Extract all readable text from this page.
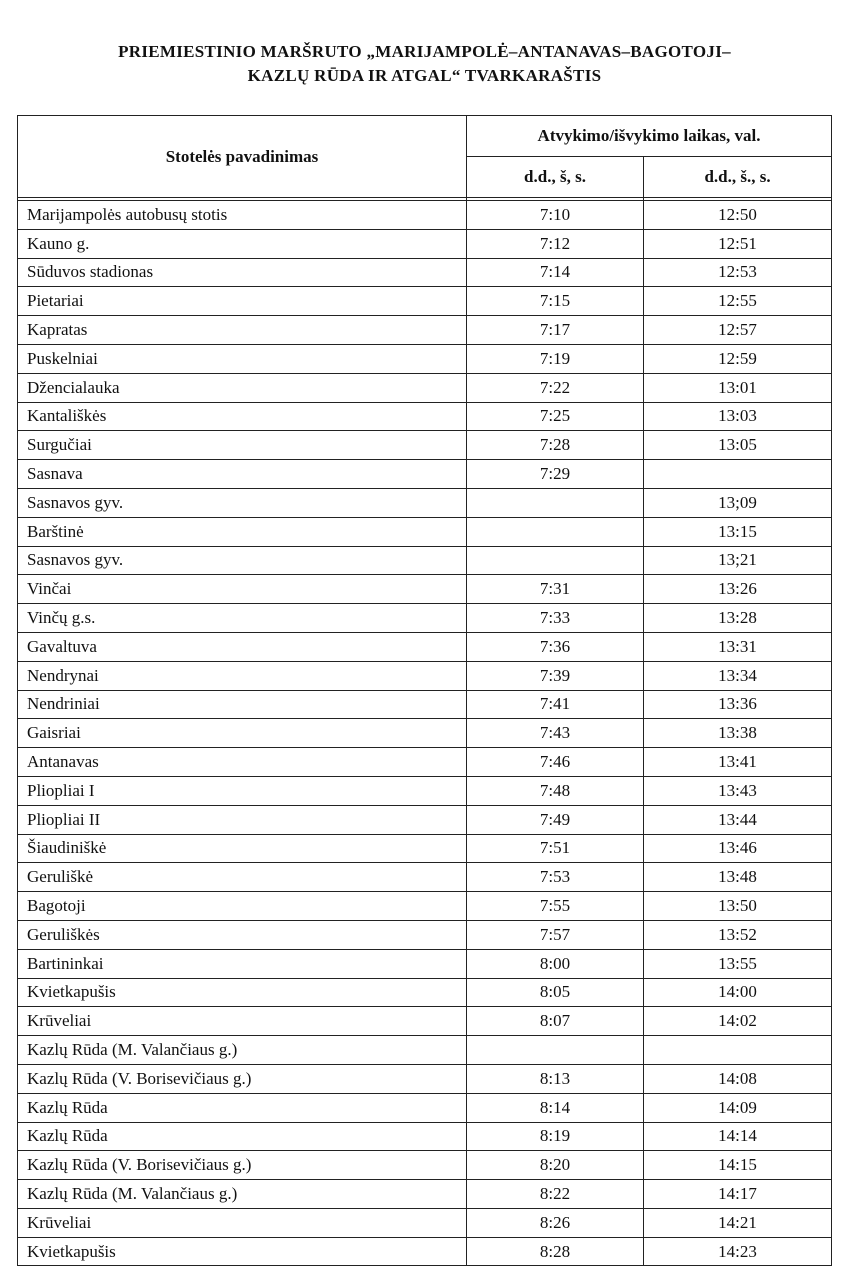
PRIEMIESTINIO MARŠRUTO „MARIJAMPOLĖ–ANTANAVAS–BAGOTOJI–
KAZLŲ RŪDA IR ATGAL“ TVARKARAŠTIS
Stotelės pavadinimas	Atvykimo/išvykimo laikas, val.	
	d.d., š, s.	d.d., š., s.

Marijampolės autobusų stotis	7:10	12:50
Kauno g.	7:12	12:51
Sūduvos stadionas	7:14	12:53
Pietariai	7:15	12:55
Kapratas	7:17	12:57
Puskelniai	7:19	12:59
Džencialauka	7:22	13:01
Kantališkės	7:25	13:03
Surgučiai	7:28	13:05
Sasnava	7:29	
Sasnavos gyv.		13;09
Barštinė		13:15
Sasnavos gyv.		13;21
Vinčai	7:31	13:26
Vinčų g.s.	7:33	13:28
Gavaltuva	7:36	13:31
Nendrynai	7:39	13:34
Nendriniai	7:41	13:36
Gaisriai	7:43	13:38
Antanavas	7:46	13:41
Pliopliai I	7:48	13:43
Pliopliai II	7:49	13:44
Šiaudiniškė	7:51	13:46
Geruliškė	7:53	13:48
Bagotoji	7:55	13:50
Geruliškės	7:57	13:52
Bartininkai	8:00	13:55
Kvietkapušis	8:05	14:00
Krūveliai	8:07	14:02
Kazlų Rūda (M. Valančiaus g.)		
Kazlų Rūda (V. Borisevičiaus g.)	8:13	14:08
Kazlų Rūda	8:14	14:09
Kazlų Rūda	8:19	14:14
Kazlų Rūda (V. Borisevičiaus g.)	8:20	14:15
Kazlų Rūda (M. Valančiaus g.)	8:22	14:17
Krūveliai	8:26	14:21
Kvietkapušis	8:28	14:23
